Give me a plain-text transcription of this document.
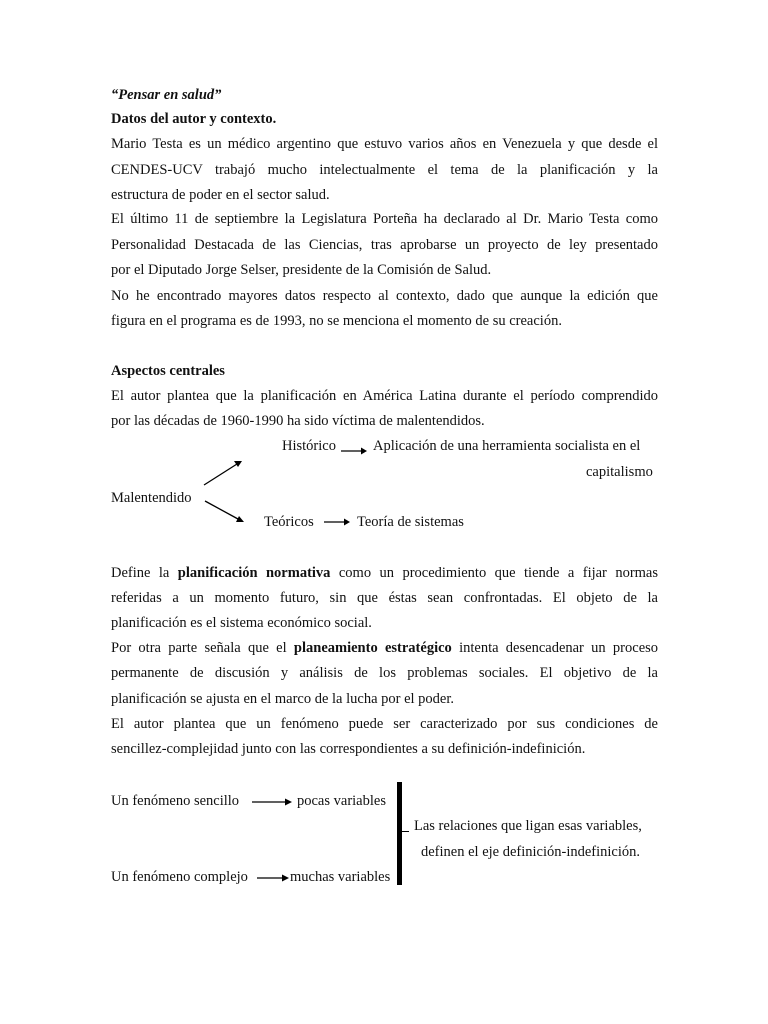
“Pensar en salud”
Datos del autor y contexto.
Mario Testa es un médico argentino que estuvo varios años en Venezuela y que desde el
CENDES-UCV trabajó mucho intelectualmente el tema de la planificación y la
estructura de poder en el sector salud.
El último 11 de septiembre la Legislatura Porteña ha declarado al Dr. Mario Testa como
Personalidad Destacada de las Ciencias, tras aprobarse un proyecto de ley presentado
por el Diputado Jorge Selser, presidente de la Comisión de Salud.
No he encontrado mayores datos respecto al contexto, dado que aunque la edición que
figura en el programa es de 1993, no se menciona el momento de su creación.
Aspectos centrales
El autor plantea que la planificación en América Latina durante el período comprendido
por las décadas de 1960-1990 ha sido víctima de malentendidos.
Histórico	Aplicación de una herramienta socialista en el
capitalismo
Malentendido
Teóricos	Teoría de sistemas
Define la planificación normativa como un procedimiento que tiende a fijar normas
referidas a un momento futuro, sin que éstas sean confrontadas. El objeto de la
planificación es el sistema económico social.
Por otra parte señala que el planeamiento estratégico intenta desencadenar un proceso
permanente de discusión y análisis de los problemas sociales. El objetivo de la
planificación se ajusta en el marco de la lucha por el poder.
El autor plantea que un fenómeno puede ser caracterizado por sus condiciones de
sencillez-complejidad junto con las correspondientes a su definición-indefinición.
Un fenómeno sencillo	pocas variables
Un fenómeno complejo	muchas variables
Las relaciones que ligan esas variables,
definen el eje definición-indefinición.
